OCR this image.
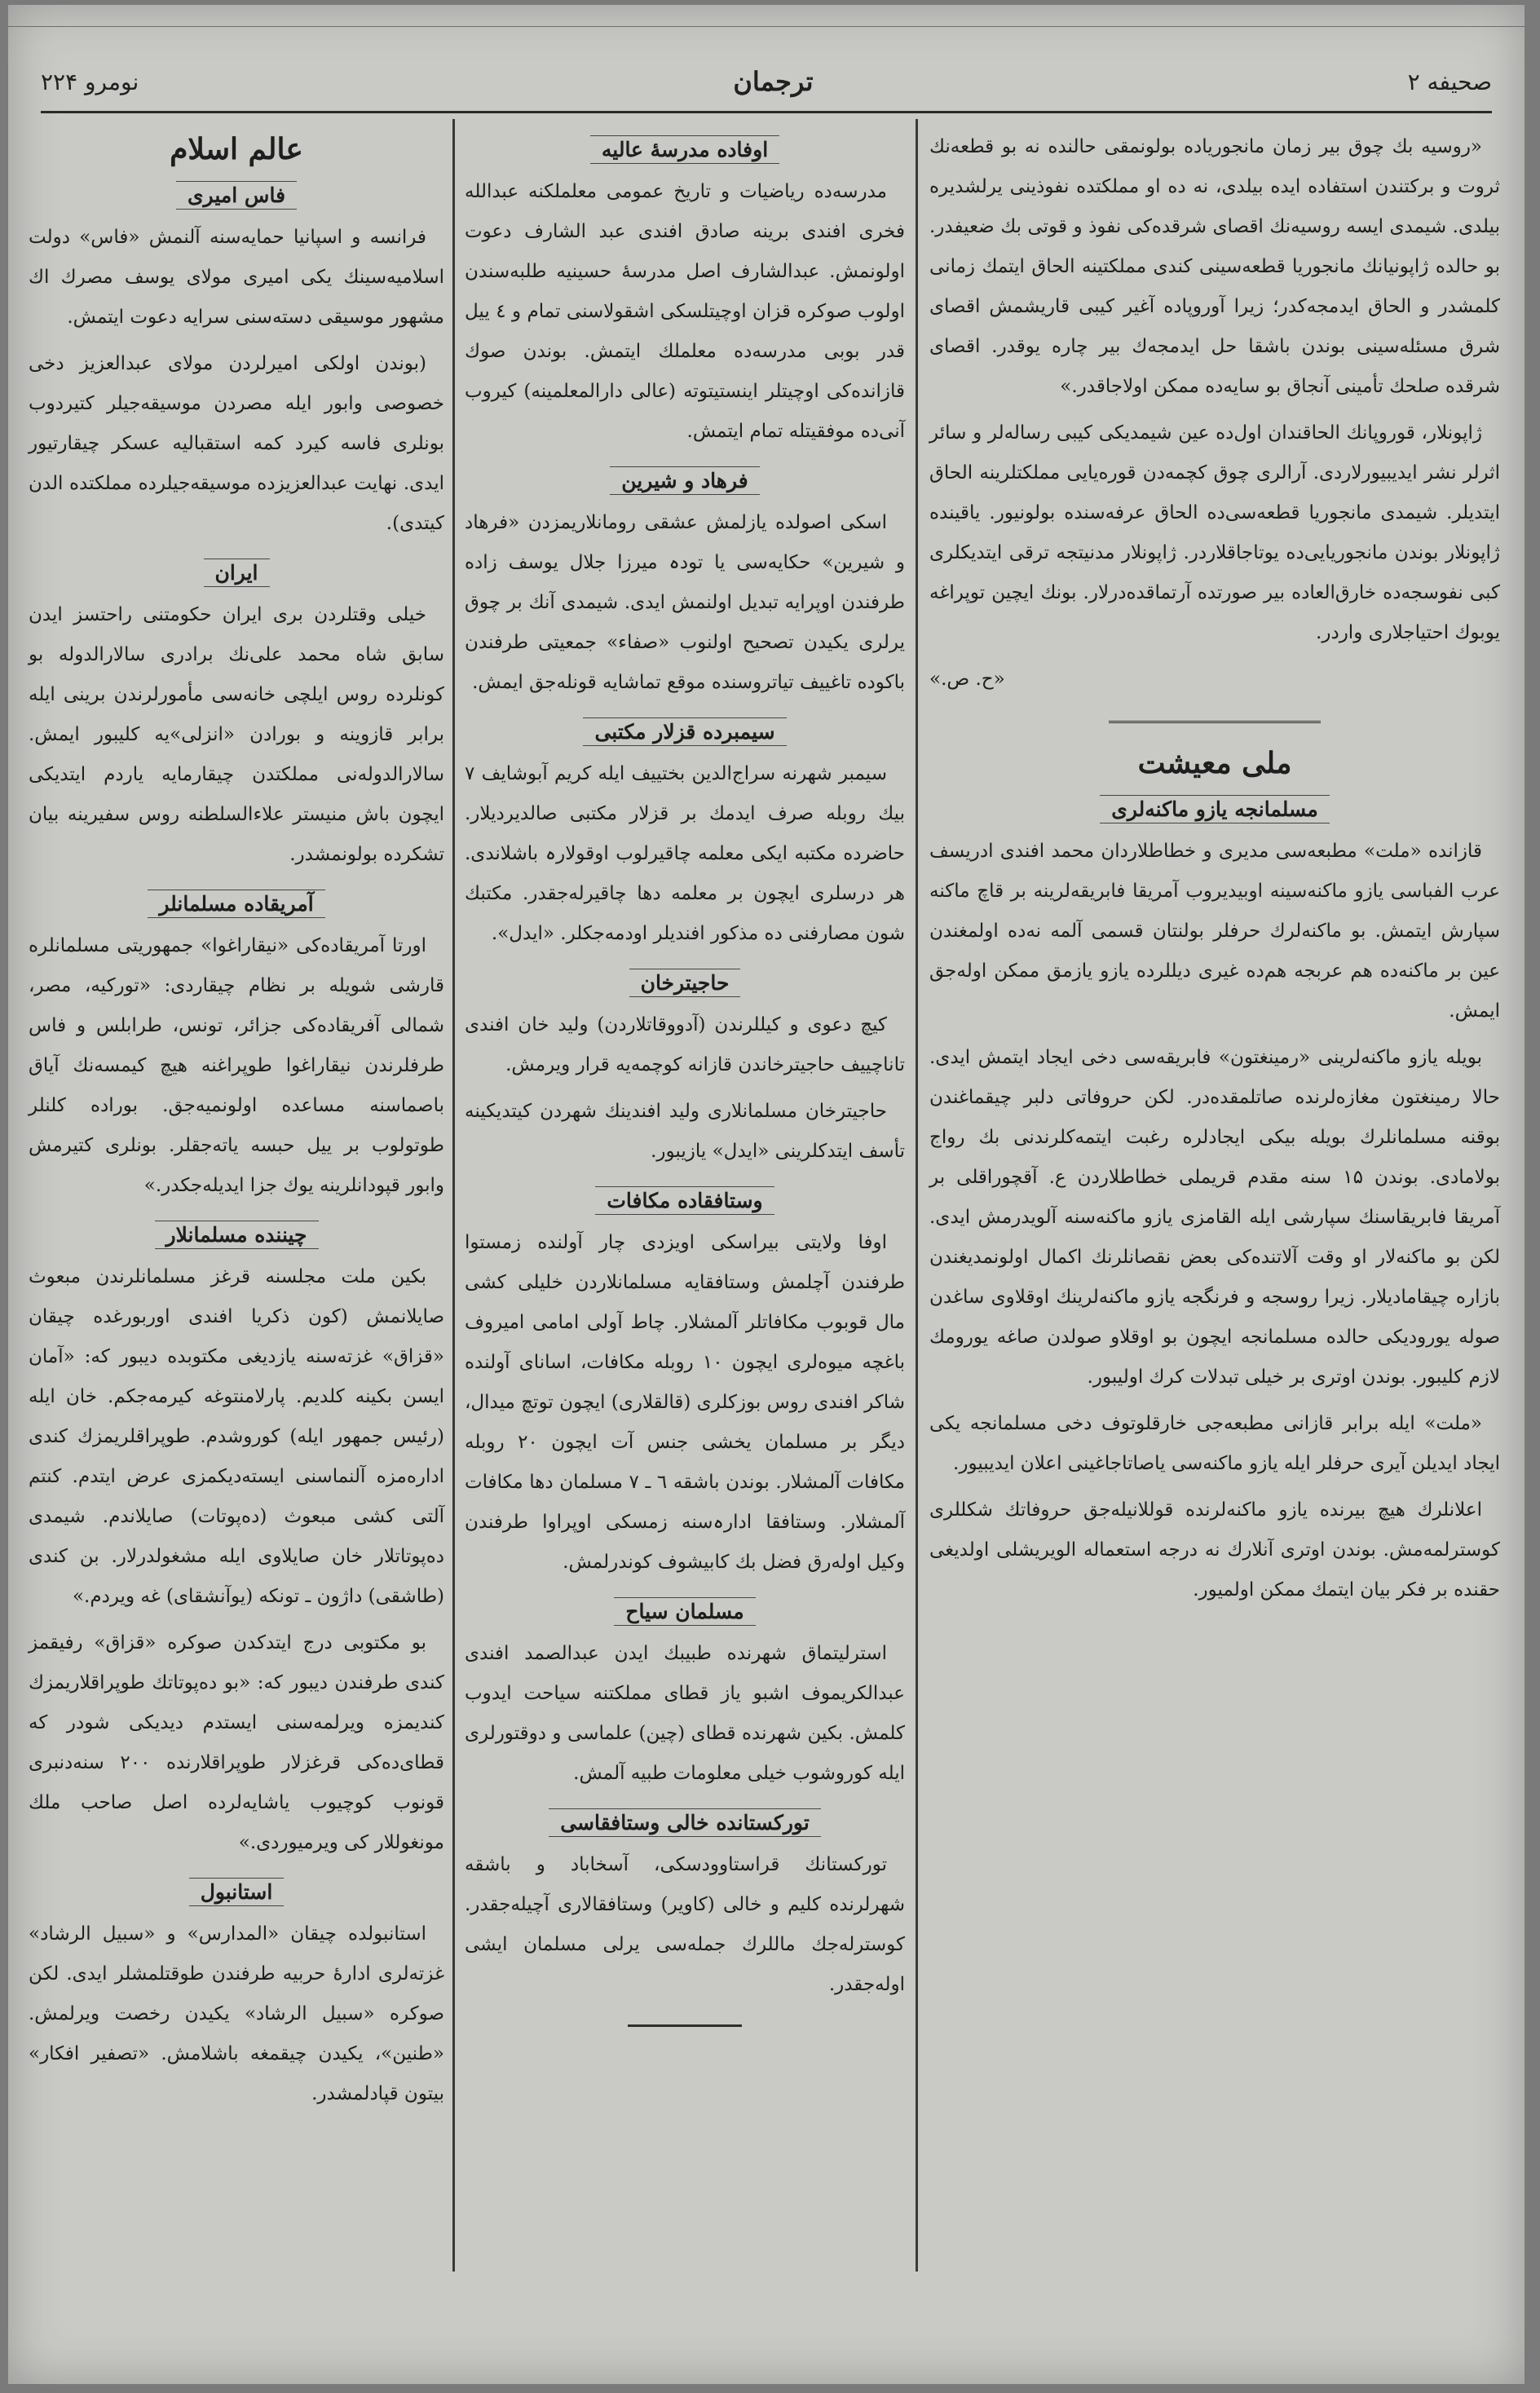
نومرو ۲۲۴	ترجمان	صحیفه ۲

«روسیه بك چوق بیر زمان مانجوریاده بولونمقی حالنده نه بو قطعه‌نك ثروت و برکتندن استفاده ایده بیلدی، نه ده او مملکتده نفوذینی یرلشدیره بیلدی. شیمدی ایسه روسیه‌نك اقصای شرقده‌کی نفوذ و قوتی بك ضعیفدر. بو حالده ژاپونیانك مانجوریا قطعه‌سینی کندی مملکتینه الحاق ایتمك زمانی کلمشدر و الحاق ایدمجه‌کدر؛ زیرا آوروپاده آغیر کیبی قاریشمش اقصای شرق مسئله‌سینی بوندن باشقا حل ایدمجه‌ك بیر چاره یوقدر. اقصای شرقده صلحك تأمینی آنجاق بو سایه‌ده ممکن اولاجاقدر.»

ژاپونلار، قوروپانك الحاقندان اول‌ده عین شیمدیکی کیبی رساله‌لر و سائر اثرلر نشر ایدیبیورلاردی. آرالری چوق کچمه‌دن قوره‌یایی مملکتلرینه الحاق ایتدیلر. شیمدی مانجوریا قطعه‌سی‌ده الحاق عرفه‌سنده بولونیور. یاقینده ژاپونلار بوندن مانجوریایی‌ده یوتاجاقلاردر. ژاپونلار مدنیتجه ترقی ایتدیکلری کبی نفوسجه‌ده خارق‌العاده بیر صورتده آرتماقده‌درلار. بونك ایچین توپراغه یوبوك احتیاجلاری واردر.

«ح. ص.»

ملی معیشت
مسلمانجه یازو ماکنه‌لری

قازانده «ملت» مطبعه‌سی مدیری و خطاطلاردان محمد افندی ادریسف عرب الفباسی یازو ماکنه‌سینه اوبیدیروب آمریقا فابریقه‌لرینه بر قاچ ماکنه سپارش ایتمش. بو ماکنه‌لرك حرفلر بولنتان قسمی آلمه نه‌ده اولمغندن عین بر ماکنه‌ده هم عربجه هم‌ده غیری دیللرده یازو یازمق ممکن اوله‌جق ایمش.

بویله یازو ماکنه‌لرینی «رمینغتون» فابریقه‌سی دخی ایجاد ایتمش ایدی. حالا رمینغتون مغازه‌لرنده صاتلمقده‌در. لکن حروفاتی دلبر چیقماغندن بوقنه مسلمانلرك بویله بیکی ایجادلره رغبت ایتمه‌کلرندنی بك رواج بولامادی. بوندن ۱۵ سنه مقدم قریملی خطاطلاردن ع. آقچوراقلی بر آمریقا فابریقاسنك سپارشی ایله القامزی یازو ماکنه‌سنه آلویدرمش ایدی. لکن بو ماکنه‌لار او وقت آلاتنده‌کی بعض نقصانلرنك اکمال اولونمدیغندن بازاره چیقامادیلار. زیرا روسجه و فرنگجه یازو ماکنه‌لرینك اوقلاوی ساغدن صوله یورودیکی حالده مسلمانجه ایچون بو اوقلاو صولدن صاغه یورومك لازم کلیبور. بوندن اوتری بر خیلی تبدلات کرك اولیبور.

«ملت» ایله برابر قازانی مطبعه‌جی خارقلوتوف دخی مسلمانجه یکی ایجاد ایدیلن آیری حرفلر ایله یازو ماکنه‌سی یاصاتاجاغینی اعلان ایدیبیور.

اعلانلرك هیچ بیرنده یازو ماکنه‌لرنده قوللانیله‌جق حروفاتك شکللری کوسترلمه‌مش. بوندن اوتری آنلارك نه درجه استعماله الویریشلی اولدیغی حقنده بر فکر بیان ایتمك ممکن اولمیور.

اوفاده مدرسهٔ عالیه

مدرسه‌ده ریاضیات و تاریخ عمومی معلملکنه عبدالله فخری افندی برینه صادق افندی عبد الشارف دعوت اولونمش. عبدالشارف اصل مدرسهٔ حسینیه طلبه‌سندن اولوب صوکره قزان اوچیتلسکی اشقولاسنی تمام و ٤ ییل قدر بوبی مدرسه‌ده معلملك ایتمش. بوندن صوك قازانده‌کی اوچیتلر اینستیتوته (عالی دارالمعلمینه) کیروب آنی‌ده موفقیتله تمام ایتمش.

فرهاد و شیرین

اسکی اصولده یازلمش عشقی رومانلاریمزدن «فرهاد و شیرین» حکایه‌سی یا تودہ میرزا جلال یوسف زاده طرفندن اوپرایه تبدیل اولنمش ایدی. شیمدی آنك بر چوق یرلری یکیدن تصحیح اولنوب «صفاء» جمعیتی طرفندن باکوده تاغییف تیاتروسنده موقع تماشایه قونله‌جق ایمش.

سیمبرده قزلار مکتبی

سیمبر شهرنه سراج‌الدین بختییف ایله کریم آبوشایف ۷ بیك روبله صرف ایدمك بر قزلار مکتبی صالدیردیلار. حاضرده مکتبه ایکی معلمه چاقیرلوب اوقولارہ باشلاندی. هر درسلری ایچون بر معلمه دها چاقیرله‌جقدر. مکتبك شون مصارفنی ده مذکور افندیلر اودمه‌جکلر. «ایدل».

حاجیترخان

کیچ دعوی و کیللرندن (آدووقاتلاردن) ولید خان افندی تاناچییف حاجیترخاندن قازانه کوچمه‌یه قرار ویرمش.

حاجیترخان مسلمانلاری ولید افندینك شهردن کیتدیکینه تأسف ایتدکلرینی «ایدل» یازیبور.

وستافقاده مکافات

اوفا ولایتی بیراسکی اویزدی چار آولنده زمستوا طرفندن آچلمش وستافقایه مسلمانلاردن خلیلی کشی مال قوبوب مکافاتلر آلمشلار. چاط آولی امامی امیروف باغچه میوه‌لری ایچون ۱۰ روبله مکافات، اسانای آولنده شاکر افندی روس بوزکلری (قالقلاری) ایچون توتچ میدال، دیگر بر مسلمان یخشی جنس آت ایچون ۲۰ روبله مکافات آلمشلار. بوندن باشقه ٦ ـ ۷ مسلمان دها مکافات آلمشلار. وستافقا ادارہ‌سنه زمسکی اوپراوا طرفندن وکیل اولەرق فضل بك کابیشوف کوندرلمش.

مسلمان سیاح

استرلیتماق شهرنده طبیبك ایدن عبدالصمد افندی عبدالکریموف اشبو یاز قطای مملکتنه سیاحت ایدوب کلمش. بکین شهرنده قطای (چین) علماسی و دوقتورلری ایله کوروشوب خیلی معلومات طبیه آلمش.

تورکستانده خالی وستافقاسی

تورکستانك قراستاوودسکی، آسخاباد و باشقه شهرلرنده کلیم و خالی (کاویر) وستافقالاری آچیله‌جقدر. کوسترله‌جك ماللرك جمله‌سی یرلی مسلمان ایشی اوله‌جقدر.

عالم اسلام
فاس امیری

فرانسه و اسپانیا حمایه‌سنه آلنمش «فاس» دولت اسلامیه‌سینك یکی امیری مولای یوسف مصرك اك مشهور موسیقی دستەسنی سرایه دعوت ایتمش.

(بوندن اولکی امیرلردن مولای عبدالعزیز دخی خصوصی وابور ایله مصردن موسیقه‌جیلر کتیردوب بونلری فاسه کیرد کمه استقبالیه عسکر چیقارتیور ایدی. نهایت عبدالعزیزده موسیقه‌جیلرده مملکتده الدن کیتدی).

ایران

خیلی وقتلردن بری ایران حکومتنی راحتسز ایدن سابق شاه محمد علی‌نك برادری سالارالدوله بو کونلرده روس ایلچی خانه‌سی مأمورلرندن برینی ایله برابر قازوینه و بورادن «انزلی»یه کلیبور ایمش. سالارالدوله‌نی مملکتدن چیقارمایه یاردم ایتدیکی ایچون باش منیستر علاءالسلطنه روس سفیرینه بیان تشکرده بولونمشدر.

آمریقاده مسلمانلر

اورتا آمریقاده‌کی «نیقاراغوا» جمهوریتی مسلمانلره قارشی شویله بر نظام چیقاردی: «تورکیه، مصر، شمالی آفریقاده‌کی جزائر، تونس، طرابلس و فاس طرفلرندن نیقاراغوا طوپراغنه هیچ کیمسه‌نك آیاق باصماسنه مساعده اولونمیه‌جق. بوراده کلنلر طوتولوب بر ییل حبسه یاتەجقلر. بونلری کتیرمش وابور قپودانلرینه یوك جزا ایدیله‌جکدر.»

چیننده مسلمانلار

بکین ملت مجلسنه قرغز مسلمانلرندن مبعوث صایلانمش (کون ذکریا افندی اوربورغده چیقان «قزاق» غزته‌سنه یازدیغی مکتوبده دیبور که: «آمان ایسن بکینه کلدیم. پارلامنتوغه کیرمه‌جکم. خان ایله (رئیس جمهور ایله) کوروشدم. طوپراقلریمزك کندی ادارەمزه آلنماسنی ایسته‌دیکمزی عرض ایتدم. کنتم آلتی کشی مبعوث (دەپوتات) صایلاندم. شیمدی دەپوتاتلار خان صایلاوی ایله مشغولدرلار. بن کندی (طاشقی) داژون ـ تونکه (یوآنشقای) غه ویردم.»

بو مکتوبی درج ایتدکدن صوکره «قزاق» رفیقمز کندی طرفندن دیبور که: «بو دەپوتاتك طوپراقلاریمزك کندیمزه ویرلمه‌سنی ایستدم دیدیکی شودر که قطای‌ده‌کی قرغزلار طوپراقلارنده ۲۰۰ سنه‌دنبری قونوب کوچیوب یاشایه‌لرده اصل صاحب ملك مونغوللار کی ویرمیوردی.»

استانبول

استانبولده چیقان «المدارس» و «سبیل الرشاد» غزته‌لری ادارۀ حربیه طرفندن طوقتلمشلر ایدی. لکن صوکره «سبیل الرشاد» یکیدن رخصت ویرلمش. «طنین»، یکیدن چیقمغه باشلامش. «تصفیر افکار» بیتون قپادلمشدر.
